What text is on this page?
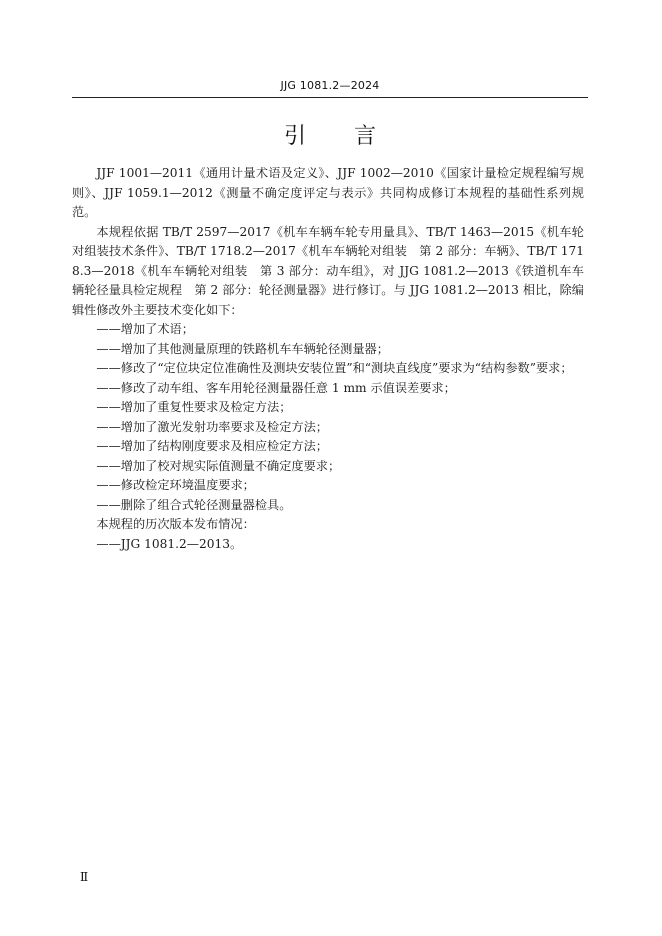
JJG 1081.2—2024
引言

JJF 1001—2011《通用计量术语及定义》、JJF 1002—2010《国家计量检定规程编写规则》、JJF 1059.1—2012《测量不确定度评定与表示》共同构成修订本规程的基础性系列规范。

本规程依据 TB/T 2597—2017《机车车辆车轮专用量具》、TB/T 1463—2015《机车轮对组装技术条件》、TB/T 1718.2—2017《机车车辆轮对组装　第 2 部分：车辆》、TB/T 1718.3—2018《机车车辆轮对组装　第 3 部分：动车组》，对 JJG 1081.2—2013《铁道机车车辆轮径量具检定规程　第 2 部分：轮径测量器》进行修订。与 JJG 1081.2—2013 相比，除编辑性修改外主要技术变化如下：

——增加了术语；

——增加了其他测量原理的铁路机车车辆轮径测量器；

——修改了“定位块定位准确性及测块安装位置”和“测块直线度”要求为“结构参数”要求；

——修改了动车组、客车用轮径测量器任意 1 mm 示值误差要求；

——增加了重复性要求及检定方法；

——增加了激光发射功率要求及检定方法；

——增加了结构刚度要求及相应检定方法；

——增加了校对规实际值测量不确定度要求；

——修改检定环境温度要求；

——删除了组合式轮径测量器检具。

本规程的历次版本发布情况：

——JJG 1081.2—2013。

Ⅱ
